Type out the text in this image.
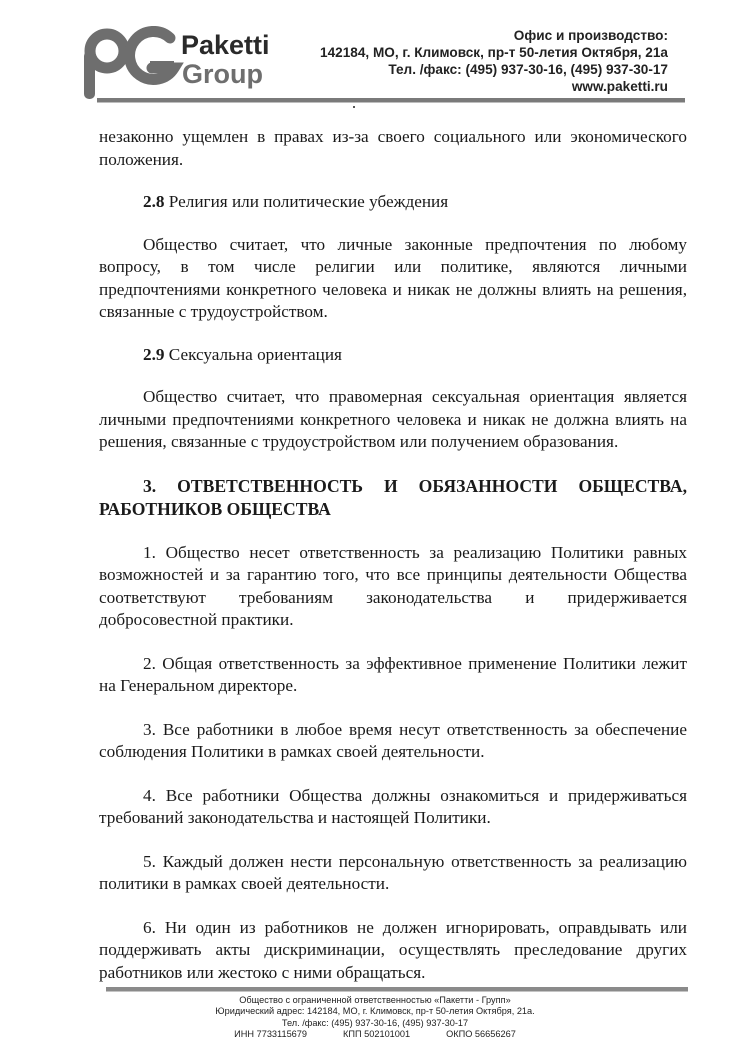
Paketti
Group
Офис и производство:
142184, МО, г. Климовск, пр-т 50-летия Октября, 21а
Тел. /факс: (495) 937-30-16, (495) 937-30-17
www.paketti.ru

незаконно ущемлен в правах из-за своего социального или экономического положения.

2.8 Религия или политические убеждения

Общество считает, что личные законные предпочтения по любому вопросу, в том числе религии или политике, являются личными предпочтениями конкретного человека и никак не должны влиять на решения, связанные с трудоустройством.

2.9 Сексуальна ориентация

Общество считает, что правомерная сексуальная ориентация является личными предпочтениями конкретного человека и никак не должна влиять на решения, связанные с трудоустройством или получением образования.

3. ОТВЕТСТВЕННОСТЬ И ОБЯЗАННОСТИ ОБЩЕСТВА, РАБОТНИКОВ ОБЩЕСТВА

1. Общество несет ответственность за реализацию Политики равных возможностей и за гарантию того, что все принципы деятельности Общества соответствуют требованиям законодательства и придерживается добросовестной практики.

2. Общая ответственность за эффективное применение Политики лежит на Генеральном директоре.

3. Все работники в любое время несут ответственность за обеспечение соблюдения Политики в рамках своей деятельности.

4. Все работники Общества должны ознакомиться и придерживаться требований законодательства и настоящей Политики.

5. Каждый должен нести персональную ответственность за реализацию политики в рамках своей деятельности.

6. Ни один из работников не должен игнорировать, оправдывать или поддерживать акты дискриминации, осуществлять преследование других работников или жестоко с ними обращаться.

Общество с ограниченной ответственностью «Пакетти - Групп»
Юридический адрес: 142184, МО, г. Климовск, пр-т 50-летия Октября, 21а.
Тел. /факс: (495) 937-30-16, (495) 937-30-17
ИНН 7733115679	КПП 502101001	ОКПО 56656267
